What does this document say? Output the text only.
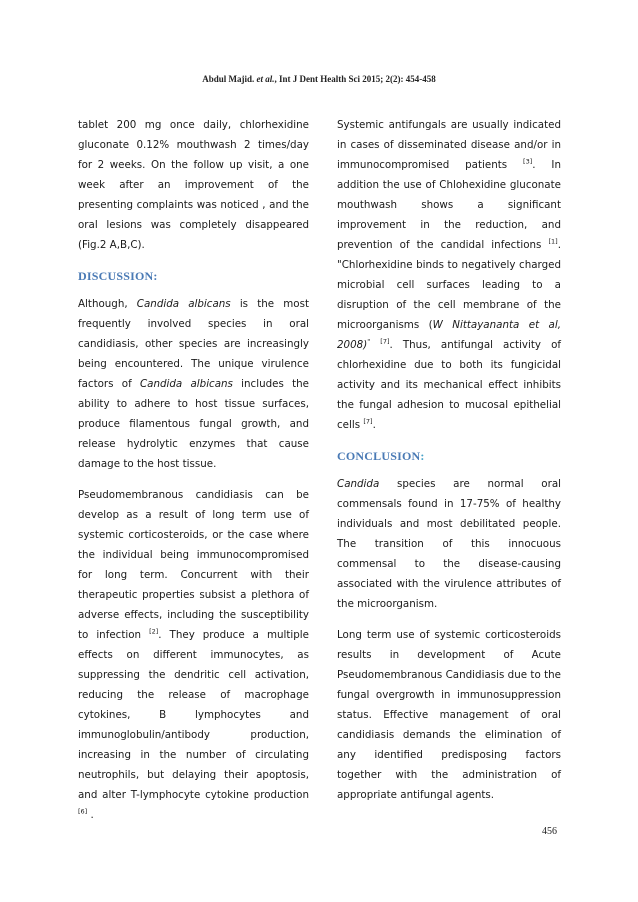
Abdul Majid. et al., Int J Dent Health Sci 2015; 2(2): 454-458

tablet 200 mg once daily, chlorhexidine gluconate 0.12% mouthwash 2 times/day for 2 weeks. On the follow up visit, a one week after an improvement of the presenting complaints was noticed , and the oral lesions was completely disappeared (Fig.2 A,B,C).

DISCUSSION:

Although, Candida albicans is the most frequently involved species in oral candidiasis, other species are increasingly being encountered. The unique virulence factors of Candida albicans includes the ability to adhere to host tissue surfaces, produce filamentous fungal growth, and release hydrolytic enzymes that cause damage to the host tissue.

Pseudomembranous candidiasis can be develop as a result of long term use of systemic corticosteroids, or the case where the individual being immunocompromised for long term. Concurrent with their therapeutic properties subsist a plethora of adverse effects, including the susceptibility to infection [2]. They produce a multiple effects on different immunocytes, as suppressing the dendritic cell activation, reducing the release of macrophage cytokines, B lymphocytes and immunoglobulin/antibody production, increasing in the number of circulating neutrophils, but delaying their apoptosis, and alter T-lymphocyte cytokine production [6] .

Systemic antifungals are usually indicated in cases of disseminated disease and/or in immunocompromised patients [3]. In addition the use of Chlohexidine gluconate mouthwash shows a significant improvement in the reduction, and prevention of the candidal infections [1]. "Chlorhexidine binds to negatively charged microbial cell surfaces leading to a disruption of the cell membrane of the microorganisms (W Nittayananta et al, 2008)" [7]. Thus, antifungal activity of chlorhexidine due to both its fungicidal activity and its mechanical effect inhibits the fungal adhesion to mucosal epithelial cells [7].

CONCLUSION:

Candida species are normal oral commensals found in 17-75% of healthy individuals and most debilitated people. The transition of this innocuous commensal to the disease-causing associated with the virulence attributes of the microorganism.

Long term use of systemic corticosteroids results in development of Acute Pseudomembranous Candidiasis due to the fungal overgrowth in immunosuppression status. Effective management of oral candidiasis demands the elimination of any identified predisposing factors together with the administration of appropriate antifungal agents.

456
